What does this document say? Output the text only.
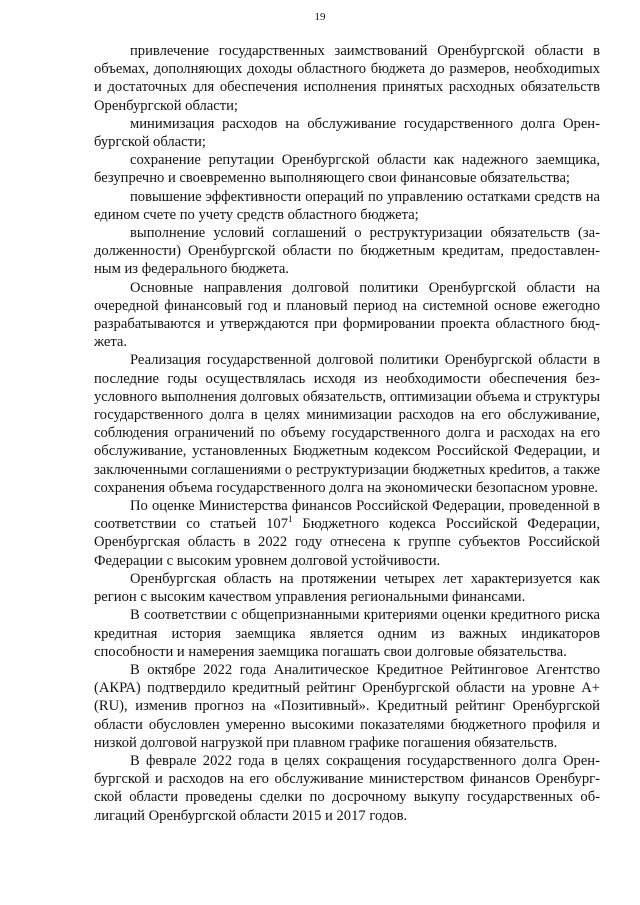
19

привлечение государственных заимствований Оренбургской области в объемах, дополняющих доходы областного бюджета до размеров, необходиmых и достаточных для обеспечения исполнения принятых расходных обязательств Оренбургской области;

минимизация расходов на обслуживание государственного долга Оренбургской области;

сохранение репутации Оренбургской области как надежного заемщика, безупречно и своевременно выполняющего свои финансовые обязательства;

повышение эффективности операций по управлению остатками средств на едином счете по учету средств областного бюджета;

выполнение условий соглашений о реструктуризации обязательств (задолженности) Оренбургской области по бюджетным кредитам, предоставленным из федерального бюджета.

Основные направления долговой политики Оренбургской области на очередной финансовый год и плановый период на системной основе ежегодно разрабатываются и утверждаются при формировании проекта областного бюджета.

Реализация государственной долговой политики Оренбургской области в последние годы осуществлялась исходя из необходимости обеспечения безусловного выполнения долговых обязательств, оптимизации объема и структуры государственного долга в целях минимизации расходов на его обслуживание, соблюдения ограничений по объему государственного долга и расходах на его обслуживание, установленных Бюджетным кодексом Российской Федерации, и заключенными соглашениями о реструктуризации бюджетных креdитов, а также сохранения объема государственного долга на экономически безопасном уровне.

По оценке Министерства финансов Российской Федерации, проведенной в соответствии со статьей $107^1$ Бюджетного кодекса Российской Федерации, Оренбургская область в 2022 году отнесена к группе субъектов Российской Федерации с высоким уровнем долговой устойчивости.

Оренбургская область на протяжении четырех лет характеризуется как регион с высоким качеством управления региональными финансами.

В соответствии с общепризнанными критериями оценки кредитного риска кредитная история заемщика является одним из важных индикаторов способности и намерения заемщика погашать свои долговые обязательства.

В октябре 2022 года Аналитическое Кредитное Рейтинговое Агентство (АКРА) подтвердило кредитный рейтинг Оренбургской области на уровне A+(RU), изменив прогноз на «Позитивный». Кредитный рейтинг Оренбургской области обусловлен умеренно высокими показателями бюджетного профиля и низкой долговой нагрузкой при плавном графике погашения обязательств.

В феврале 2022 года в целях сокращения государственного долга Оренбургской и расходов на его обслуживание министерством финансов Оренбургской области проведены сделки по досрочному выкупу государственных облигаций Оренбургской области 2015 и 2017 годов.
